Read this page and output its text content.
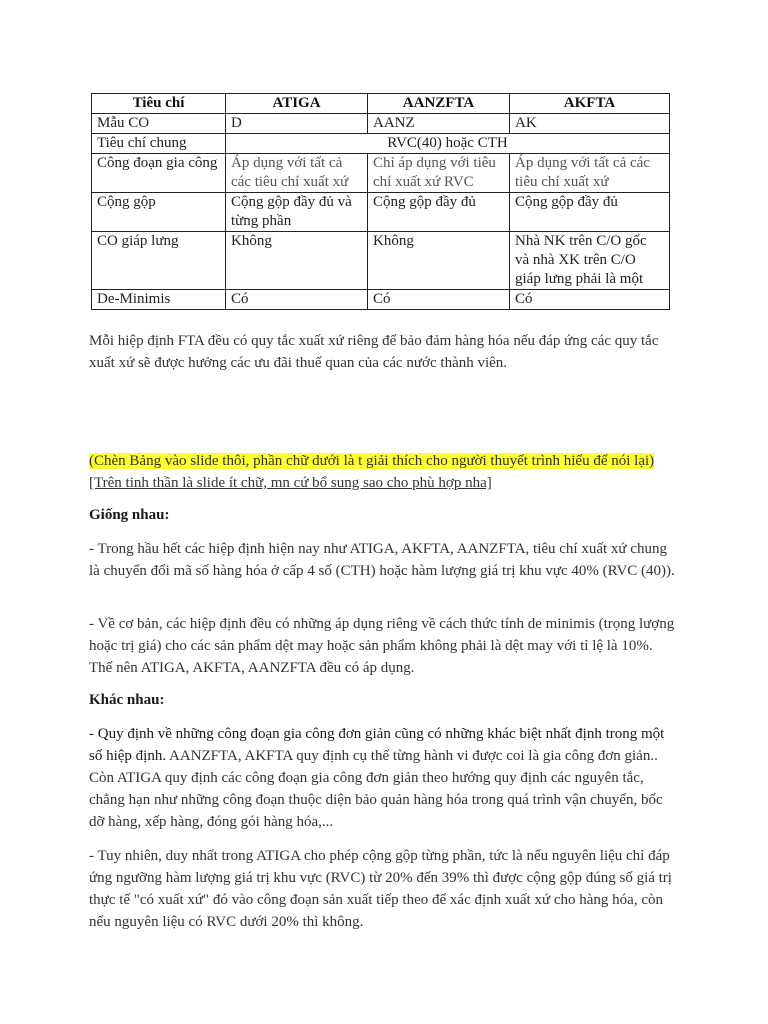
Tiêu chí	ATIGA	AANZFTA	AKFTA
Mẫu CO	D	AANZ	AK
Tiêu chí chung	RVC(40) hoặc CTH		
Công đoạn gia công	Áp dụng với tất cả các tiêu chí xuất xứ	Chỉ áp dụng với tiêu chí xuất xứ RVC	Áp dụng với tất cả các tiêu chí xuất xứ
Cộng gộp	Cộng gộp đầy đủ và từng phần	Cộng gộp đầy đủ	Cộng gộp đầy đủ
CO giáp lưng	Không	Không	Nhà NK trên C/O gốc và nhà XK trên C/O giáp lưng phải là một
De-Minimis	Có	Có	Có
Mỗi hiệp định FTA đều có quy tắc xuất xứ riêng để bảo đảm hàng hóa nếu đáp ứng các quy tắc xuất xứ sẽ được hưởng các ưu đãi thuế quan của các nước thành viên.
(Chèn Bảng vào slide thôi, phần chữ dưới là t giải thích cho người thuyết trình hiểu để nói lại) [Trên tinh thần là slide ít chữ, mn cứ bổ sung sao cho phù hợp nha]
Giống nhau:
- Trong hầu hết các hiệp định hiện nay như ATIGA, AKFTA, AANZFTA, tiêu chí xuất xứ chung là chuyển đổi mã số hàng hóa ở cấp 4 số (CTH) hoặc hàm lượng giá trị khu vực 40% (RVC (40)).
- Về cơ bản, các hiệp định đều có những áp dụng riêng về cách thức tính de minimis (trọng lượng hoặc trị giá) cho các sản phẩm dệt may hoặc sản phẩm không phải là dệt may với tỉ lệ là 10%. Thế nên ATIGA, AKFTA, AANZFTA đều có áp dụng.
Khác nhau:
- Quy định về những công đoạn gia công đơn giản cũng có những khác biệt nhất định trong một số hiệp định. AANZFTA, AKFTA quy định cụ thể từng hành vi được coi là gia công đơn giản.. Còn ATIGA quy định các công đoạn gia công đơn giản theo hướng quy định các nguyên tắc, chẳng hạn như những công đoạn thuộc diện bảo quản hàng hóa trong quá trình vận chuyển, bốc dỡ hàng, xếp hàng, đóng gói hàng hóa,...
- Tuy nhiên, duy nhất trong ATIGA cho phép cộng gộp từng phần, tức là nếu nguyên liệu chỉ đáp ứng ngưỡng hàm lượng giá trị khu vực (RVC) từ 20% đến 39% thì được cộng gộp đúng số giá trị thực tế "có xuất xứ" đó vào công đoạn sản xuất tiếp theo để xác định xuất xứ cho hàng hóa, còn nếu nguyên liệu có RVC dưới 20% thì không.
